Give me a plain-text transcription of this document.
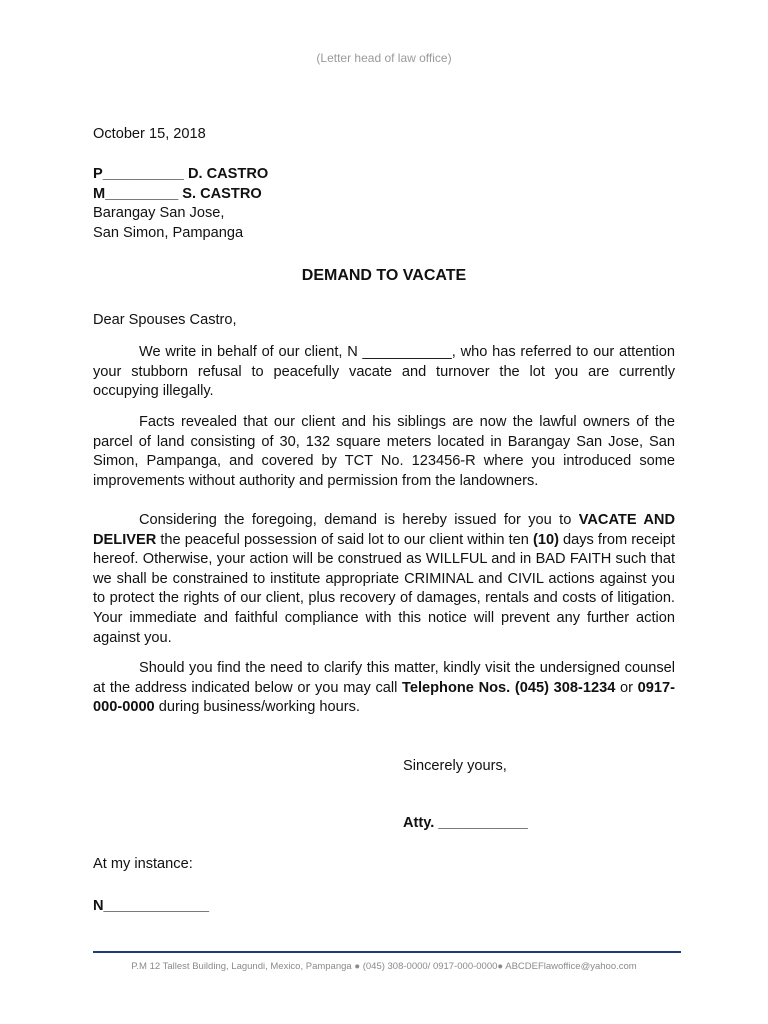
(Letter head of law office)
October 15, 2018
P__________ D. CASTRO
M_________ S. CASTRO
Barangay San Jose,
San Simon, Pampanga
DEMAND TO VACATE
Dear Spouses Castro,
We write in behalf of our client, N ___________, who has referred to our attention your stubborn refusal to peacefully vacate and turnover the lot you are currently occupying illegally.
Facts revealed that our client and his siblings are now the lawful owners of the parcel of land consisting of 30, 132 square meters located in Barangay San Jose, San Simon, Pampanga, and covered by TCT No. 123456-R where you introduced some improvements without authority and permission from the landowners.
Considering the foregoing, demand is hereby issued for you to VACATE AND DELIVER the peaceful possession of said lot to our client within ten (10) days from receipt hereof. Otherwise, your action will be construed as WILLFUL and in BAD FAITH such that we shall be constrained to institute appropriate CRIMINAL and CIVIL actions against you to protect the rights of our client, plus recovery of damages, rentals and costs of litigation. Your immediate and faithful compliance with this notice will prevent any further action against you.
Should you find the need to clarify this matter, kindly visit the undersigned counsel at the address indicated below or you may call Telephone Nos. (045) 308-1234 or 0917-000-0000 during business/working hours.
Sincerely yours,
Atty. ___________
At my instance:
N_____________
P.M 12 Tallest Building, Lagundi, Mexico, Pampanga ● (045) 308-0000/ 0917-000-0000● ABCDEFlawoffice@yahoo.com
